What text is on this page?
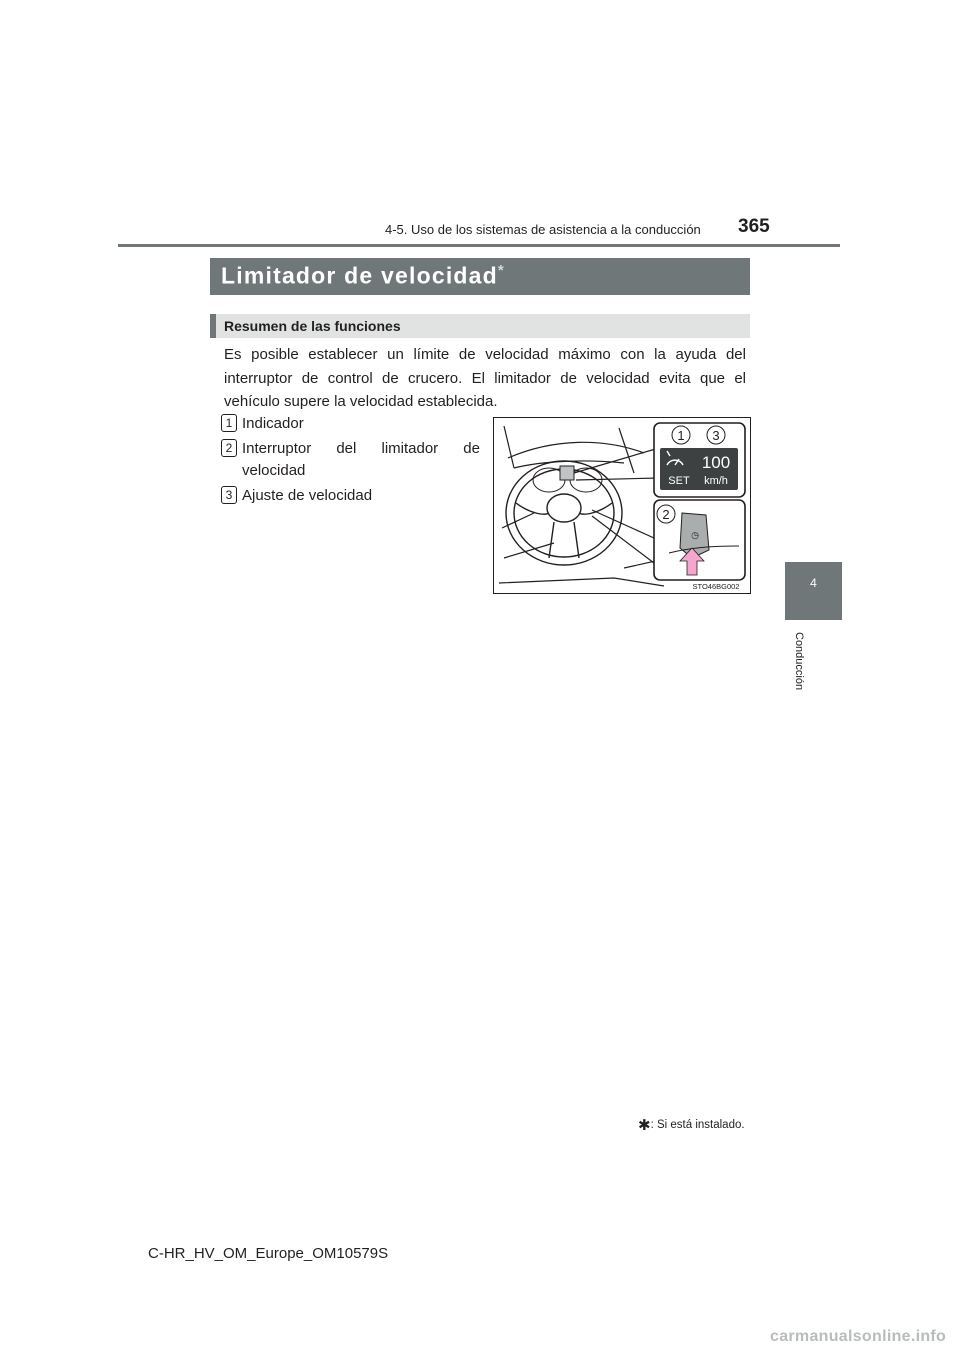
4-5. Uso de los sistemas de asistencia a la conducción 365
4
Conducción
Limitador de velocidad*
Resumen de las funciones
Es posible establecer un límite de velocidad máximo con la ayuda del interruptor de control de crucero. El limitador de velocidad evita que el vehículo supere la velocidad establecida.
1 Indicador
2 Interruptor del limitador de velocidad
3 Ajuste de velocidad
1 3
100
SET km/h
2
◷
STO46BG002
✱: Si está instalado.
C-HR_HV_OM_Europe_OM10579S
carmanualsonline.info
